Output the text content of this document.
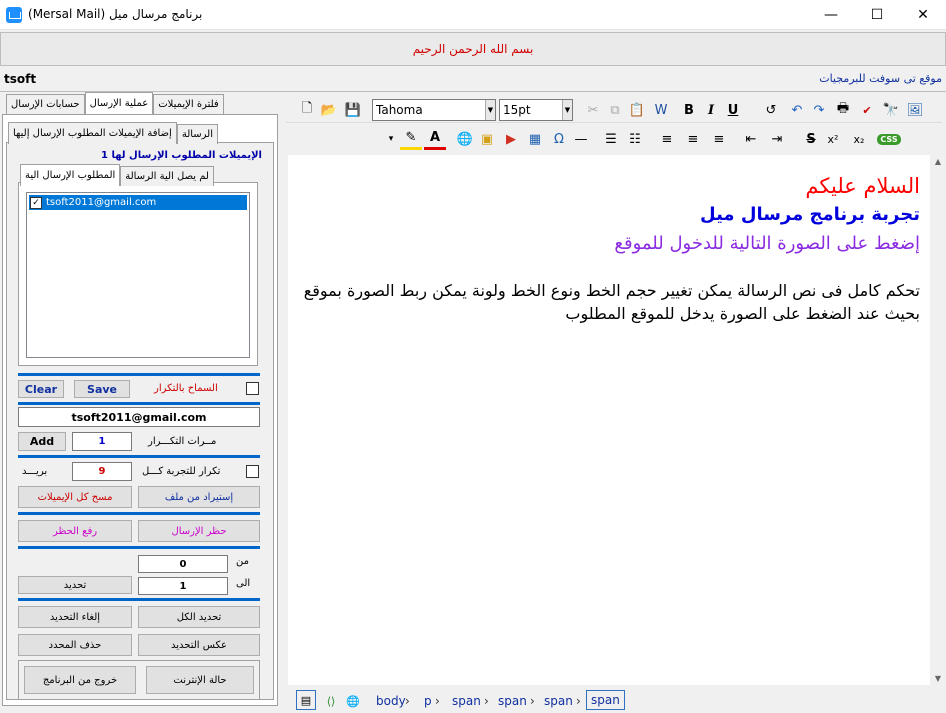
برنامج مرسال ميل (Mersal Mail)	—	☐	✕
بسم الله الرحمن الرحيم
tsoft	موقع تى سوفت للبرمجيات
حسابات الإرسال	عملية الإرسال	فلترة الإيميلات
إضافة الإيميلات المطلوب الإرسال إليها	الرسالة
الإيميلات المطلوب الإرسال لها 1
المطلوب الإرسال الية	لم يصل الية الرسالة
✓ tsoft2011@gmail.com
Clear	Save	السماح بالتكرار
tsoft2011@gmail.com
Add	1	مــرات التكـــرار
بريـــد	9	تكرار للتجربة كـــل
مسح كل الإيميلات	إستيراد من ملف
رفع الحظر	حظر الإرسال
0	من
تحديد	1	الى
إلغاء التحديد	تحديد الكل
حذف المحدد	عكس التحديد
خروج من البرنامج	حالة الإنترنت
🗋 📂 💾 Tahoma	▼ 15pt	▼	✂ ⧉ 📋 W	B	I	U	↺	↶ ↷ 🖶	✔ 🔭 🖼
▾ ✎	A	🌐 ▣ ▶ ▦ Ω —	☰ ☷	≡	≡	≡	⇤	⇥	S	x²	x₂	CSS
السلام عليكم
تجربة برنامج مرسال ميل
إضغط على الصورة التالية للدخول للموقع
تحكم كامل فى نص الرسالة يمكن تغيير حجم الخط ونوع الخط ولونة يمكن ربط الصورة بموقع بحيث عند الضغط على الصورة يدخل للموقع المطلوب
▲
▼
▤	⟨⟩ 🌐	body › p › span › span › span › span
